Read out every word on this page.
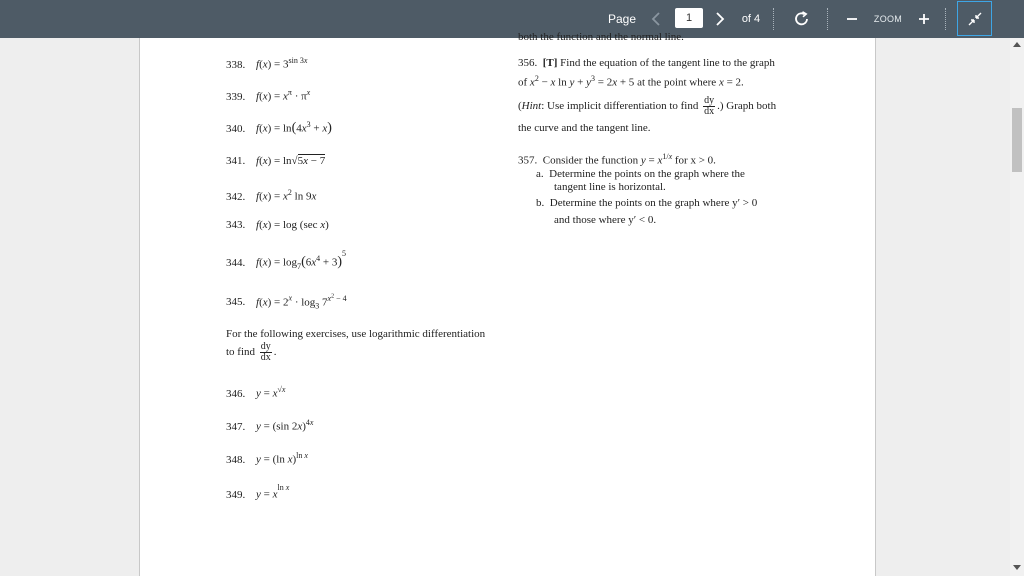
Page
1	of 4	ZOOM
both the function and the normal line.
338. $f(x) = 3^{sin 3x}$
339. $f(x) = x^\pi \cdot \pi^x$
340. $f(x) = \ln(4x^3 + x)$
341. f(x) = ln√5x − 7
342. $f(x) = x^2$ ln 9x
343. f(x) = log (sec x)
344. $f(x) = \log_7(6x^4 + 3)^5$
345. $f(x) = 2^x \cdot \log_3 7^{x^2 - 4}$
For the following exercises, use logarithmic differentiation
to find $\frac{dy}{dx}$ .
346. $y = x^{√x}$
347. y = (sin 2x)$^{4x}$
348. y = (ln x)$^{ln x}$
349. $y = x^{ln x}$
356. [T] Find the equation of the tangent line to the graph
of $x^2 - x$ $\ln y + y^3 = 2x + 5$ at the point where x = 2.
(Hint: Use implicit differentiation to find $\frac{dy}{dx}$ .) Graph both
the curve and the tangent line.
357. Consider the function $y = x^{1/x}$ for x > 0.
a. Determine the points on the graph where the
tangent line is horizontal.
b. Determine the points on the graph where y′ > 0
and those where y′ < 0.
